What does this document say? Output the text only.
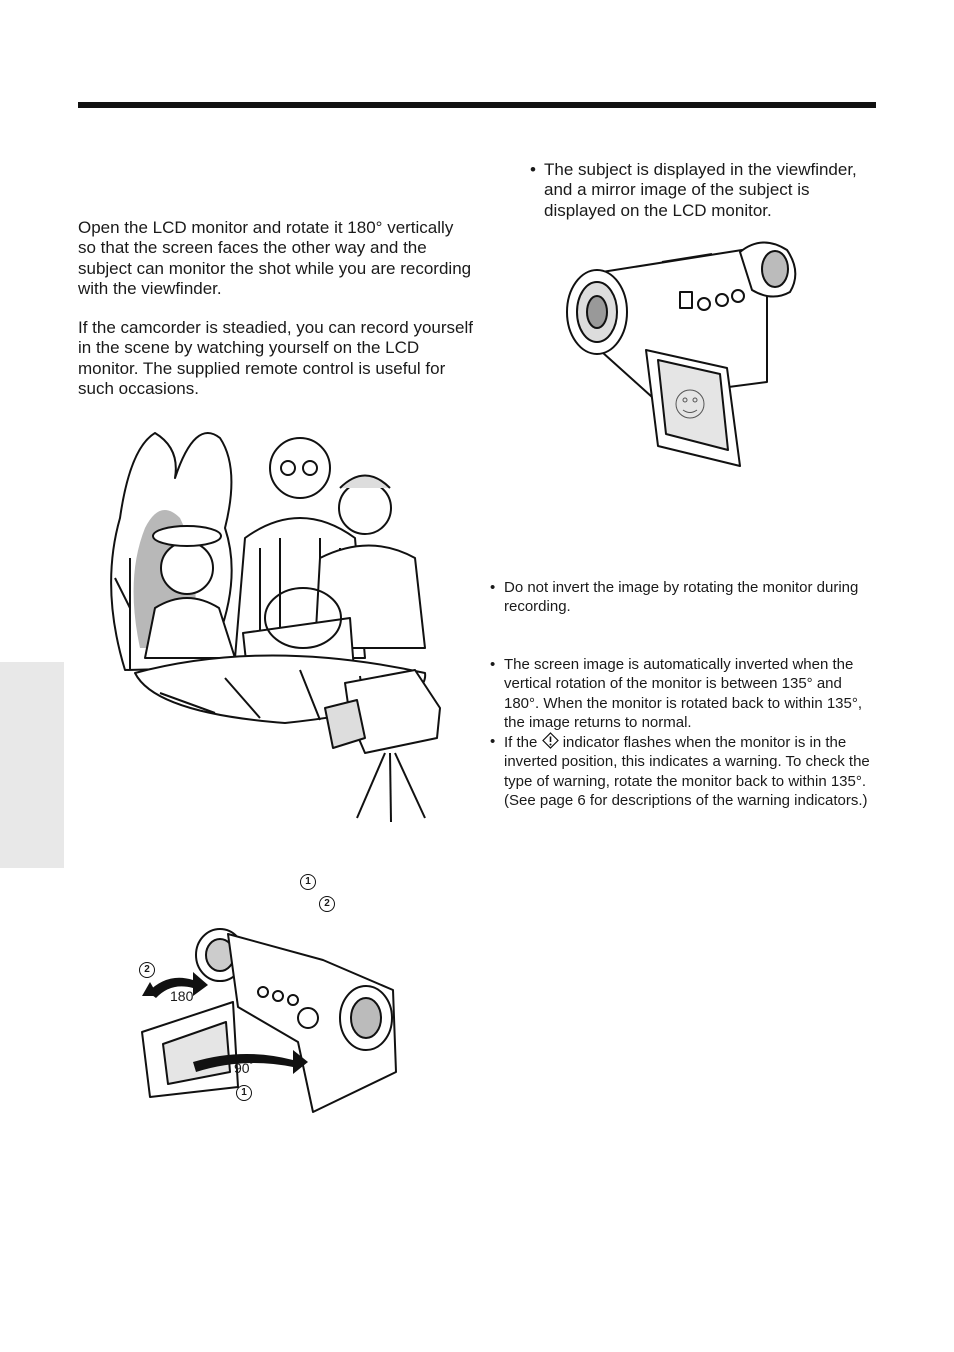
Open the LCD monitor and rotate it 180° vertically so that the screen faces the other way and the subject can monitor the shot while you are recording with the viewfinder.

If the camcorder is steadied, you can record yourself in the scene by watching yourself on the LCD monitor. The supplied remote control is useful for such occasions.

• The subject is displayed in the viewfinder, and a mirror image of the subject is displayed on the LCD monitor.
• Do not invert the image by rotating the monitor during recording.
• The screen image is automatically inverted when the vertical rotation of the monitor is between 135° and 180°. When the monitor is rotated back to within 135°, the image returns to normal.
• If the indicator flashes when the monitor is in the inverted position, this indicates a warning. To check the type of warning, rotate the monitor back to within 135°. (See page 6 for descriptions of the warning indicators.)
1
2
2
180°
90°
1
